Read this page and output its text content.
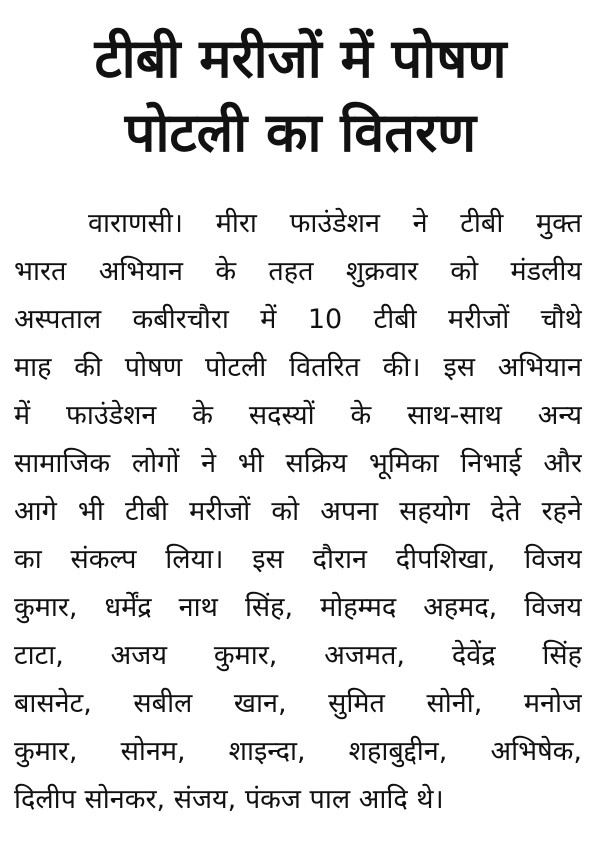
टीबी मरीजों में पोषण
पोटली का वितरण
वाराणसी। मीरा फाउंडेशन ने टीबी मुक्त
भारत अभियान के तहत शुक्रवार को मंडलीय
अस्पताल कबीरचौरा में 10 टीबी मरीजों चौथे
माह की पोषण पोटली वितरित की। इस अभियान
में फाउंडेशन के सदस्यों के साथ-साथ अन्य
सामाजिक लोगों ने भी सक्रिय भूमिका निभाई और
आगे भी टीबी मरीजों को अपना सहयोग देते रहने
का संकल्प लिया। इस दौरान दीपशिखा, विजय
कुमार, धर्मेंद्र नाथ सिंह, मोहम्मद अहमद, विजय
टाटा, अजय कुमार, अजमत, देवेंद्र सिंह
बासनेट, सबील खान, सुमित सोनी, मनोज
कुमार, सोनम, शाइन्दा, शहाबुद्दीन, अभिषेक,
दिलीप सोनकर, संजय, पंकज पाल आदि थे।
